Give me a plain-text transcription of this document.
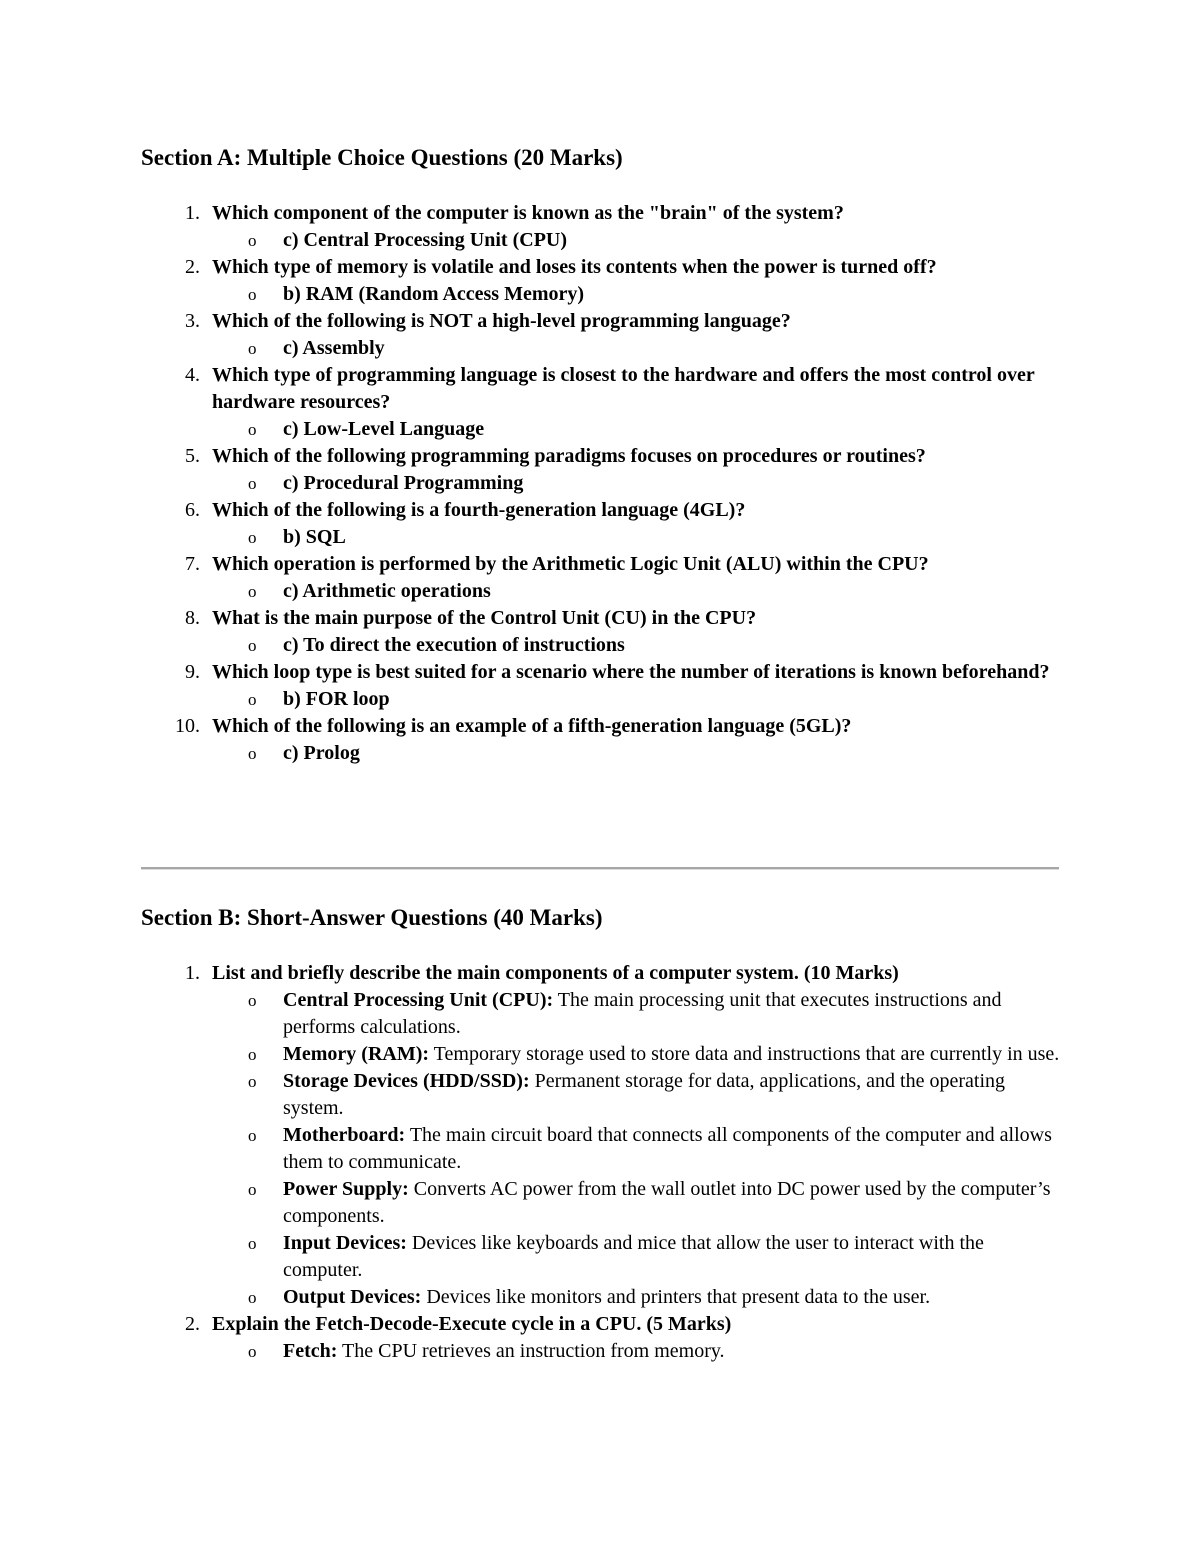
Section A: Multiple Choice Questions (20 Marks)
1. Which component of the computer is known as the "brain" of the system?
o c) Central Processing Unit (CPU)
2. Which type of memory is volatile and loses its contents when the power is turned off?
o b) RAM (Random Access Memory)
3. Which of the following is NOT a high-level programming language?
o c) Assembly
4. Which type of programming language is closest to the hardware and offers the most control over hardware resources?
o c) Low-Level Language
5. Which of the following programming paradigms focuses on procedures or routines?
o c) Procedural Programming
6. Which of the following is a fourth-generation language (4GL)?
o b) SQL
7. Which operation is performed by the Arithmetic Logic Unit (ALU) within the CPU?
o c) Arithmetic operations
8. What is the main purpose of the Control Unit (CU) in the CPU?
o c) To direct the execution of instructions
9. Which loop type is best suited for a scenario where the number of iterations is known beforehand?
o b) FOR loop
10. Which of the following is an example of a fifth-generation language (5GL)?
o c) Prolog
Section B: Short-Answer Questions (40 Marks)
1. List and briefly describe the main components of a computer system. (10 Marks)
o Central Processing Unit (CPU): The main processing unit that executes instructions and performs calculations.
o Memory (RAM): Temporary storage used to store data and instructions that are currently in use.
o Storage Devices (HDD/SSD): Permanent storage for data, applications, and the operating system.
o Motherboard: The main circuit board that connects all components of the computer and allows them to communicate.
o Power Supply: Converts AC power from the wall outlet into DC power used by the computer’s components.
o Input Devices: Devices like keyboards and mice that allow the user to interact with the computer.
o Output Devices: Devices like monitors and printers that present data to the user.
2. Explain the Fetch-Decode-Execute cycle in a CPU. (5 Marks)
o Fetch: The CPU retrieves an instruction from memory.
